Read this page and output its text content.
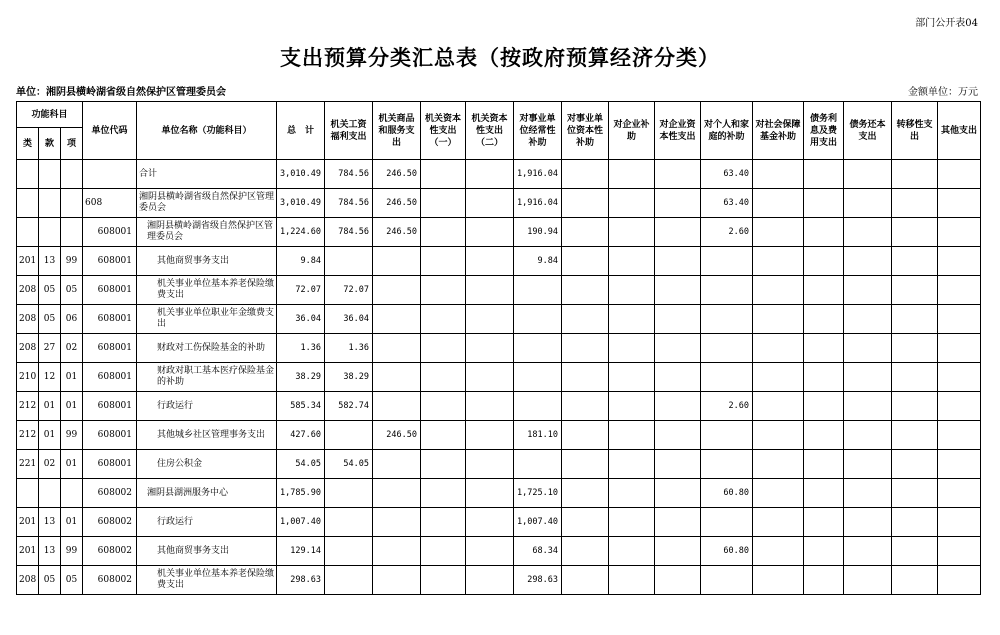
部门公开表04
支出预算分类汇总表（按政府预算经济分类）
单位：湘阴县横岭湖省级自然保护区管理委员会	金额单位：万元
功能科目			单位代码	单位名称（功能科目）	总　计	机关工资福利支出	机关商品和服务支出	机关资本性支出（一）	机关资本性支出（二）	对事业单位经常性补助	对事业单位资本性补助	对企业补助	对企业资本性支出	对个人和家庭的补助	对社会保障基金补助	债务利息及费用支出	债务还本支出	转移性支出	其他支出
类	款	项																	
				合计	3,010.49	784.56	246.50			1,916.04				63.40					
			608	湘阴县横岭湖省级自然保护区管理委员会	3,010.49	784.56	246.50			1,916.04				63.40					
			608001	湘阴县横岭湖省级自然保护区管理委员会	1,224.60	784.56	246.50			190.94				2.60					
201	13	99	608001	其他商贸事务支出	9.84					9.84									
208	05	05	608001	机关事业单位基本养老保险缴费支出	72.07	72.07													
208	05	06	608001	机关事业单位职业年金缴费支出	36.04	36.04													
208	27	02	608001	财政对工伤保险基金的补助	1.36	1.36													
210	12	01	608001	财政对职工基本医疗保险基金的补助	38.29	38.29													
212	01	01	608001	行政运行	585.34	582.74								2.60					
212	01	99	608001	其他城乡社区管理事务支出	427.60		246.50			181.10									
221	02	01	608001	住房公积金	54.05	54.05													
			608002	湘阴县湖洲服务中心	1,785.90					1,725.10				60.80					
201	13	01	608002	行政运行	1,007.40					1,007.40									
201	13	99	608002	其他商贸事务支出	129.14					68.34				60.80					
208	05	05	608002	机关事业单位基本养老保险缴费支出	298.63					298.63									
